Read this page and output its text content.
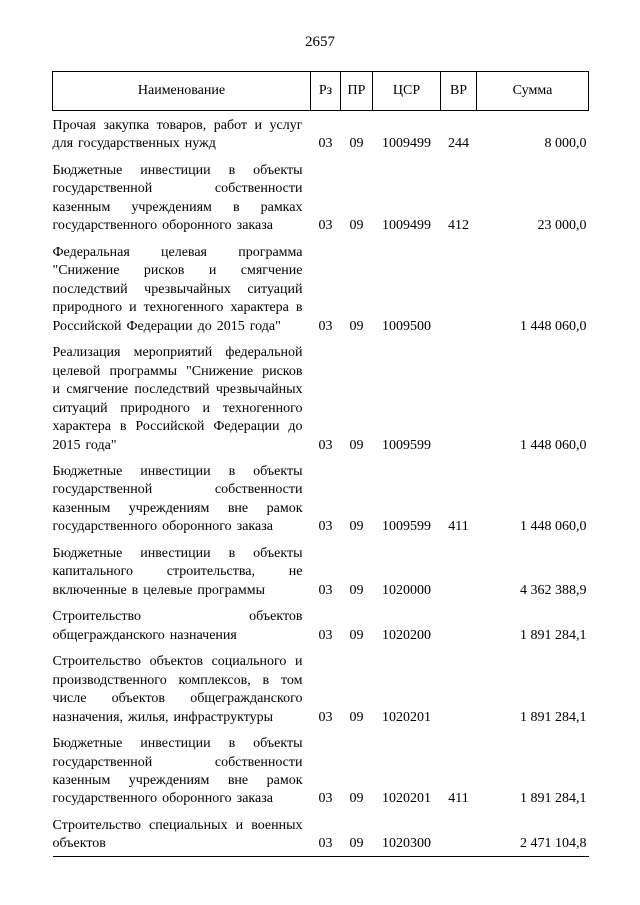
2657
Наименование	Рз	ПР	ЦСР	ВР	Сумма
Прочая закупка товаров, работ и услуг для государственных нужд	03	09	1009499	244	8 000,0
Бюджетные инвестиции в объекты государственной собственности казенным учреждениям в рамках государственного оборонного заказа	03	09	1009499	412	23 000,0
Федеральная целевая программа "Снижение рисков и смягчение последствий чрезвычайных ситуаций природного и техногенного характера в Российской Федерации до 2015 года"	03	09	1009500		1 448 060,0
Реализация мероприятий федеральной целевой программы "Снижение рисков и смягчение последствий чрезвычайных ситуаций природного и техногенного характера в Российской Федерации до 2015 года"	03	09	1009599		1 448 060,0
Бюджетные инвестиции в объекты государственной собственности казенным учреждениям вне рамок государственного оборонного заказа	03	09	1009599	411	1 448 060,0
Бюджетные инвестиции в объекты капитального строительства, не включенные в целевые программы	03	09	1020000		4 362 388,9
Строительство объектов общегражданского назначения	03	09	1020200		1 891 284,1
Строительство объектов социального и производственного комплексов, в том числе объектов общегражданского назначения, жилья, инфраструктуры	03	09	1020201		1 891 284,1
Бюджетные инвестиции в объекты государственной собственности казенным учреждениям вне рамок государственного оборонного заказа	03	09	1020201	411	1 891 284,1
Строительство специальных и военных объектов	03	09	1020300		2 471 104,8
